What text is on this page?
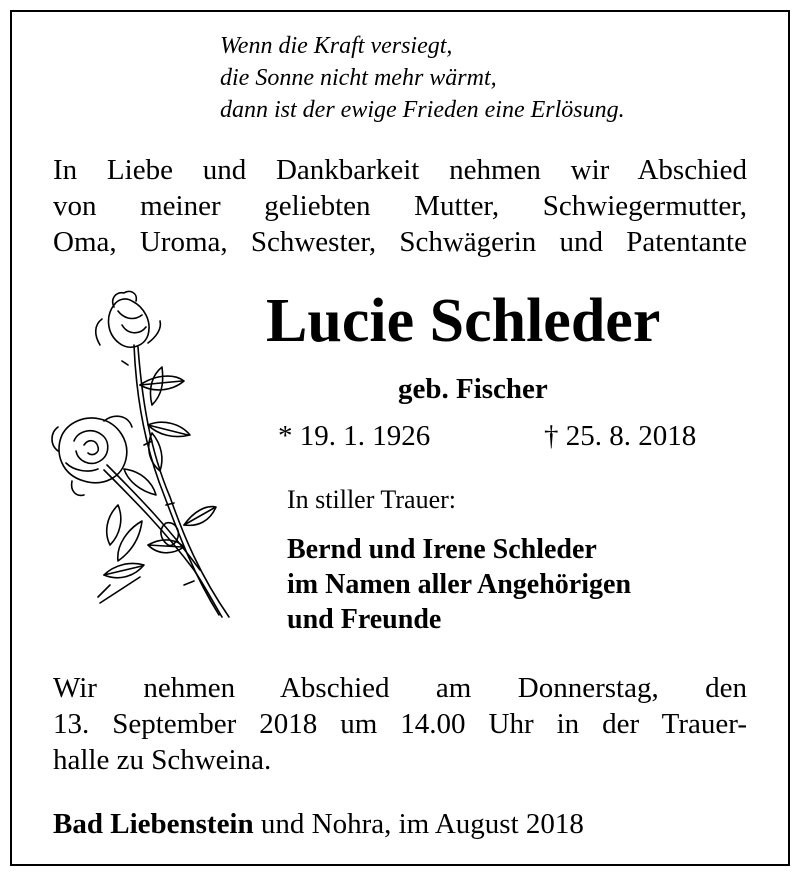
Wenn die Kraft versiegt,
die Sonne nicht mehr wärmt,
dann ist der ewige Frieden eine Erlösung.
In Liebe und Dankbarkeit nehmen wir Abschied
von meiner geliebten Mutter, Schwiegermutter,
Oma, Uroma, Schwester, Schwägerin und Patentante
Lucie Schleder
geb. Fischer
* 19. 1. 1926	† 25. 8. 2018
In stiller Trauer:
Bernd und Irene Schleder
im Namen aller Angehörigen
und Freunde
Wir nehmen Abschied am Donnerstag, den
13. September 2018 um 14.00 Uhr in der Trauer-
halle zu Schweina.
Bad Liebenstein und Nohra, im August 2018
